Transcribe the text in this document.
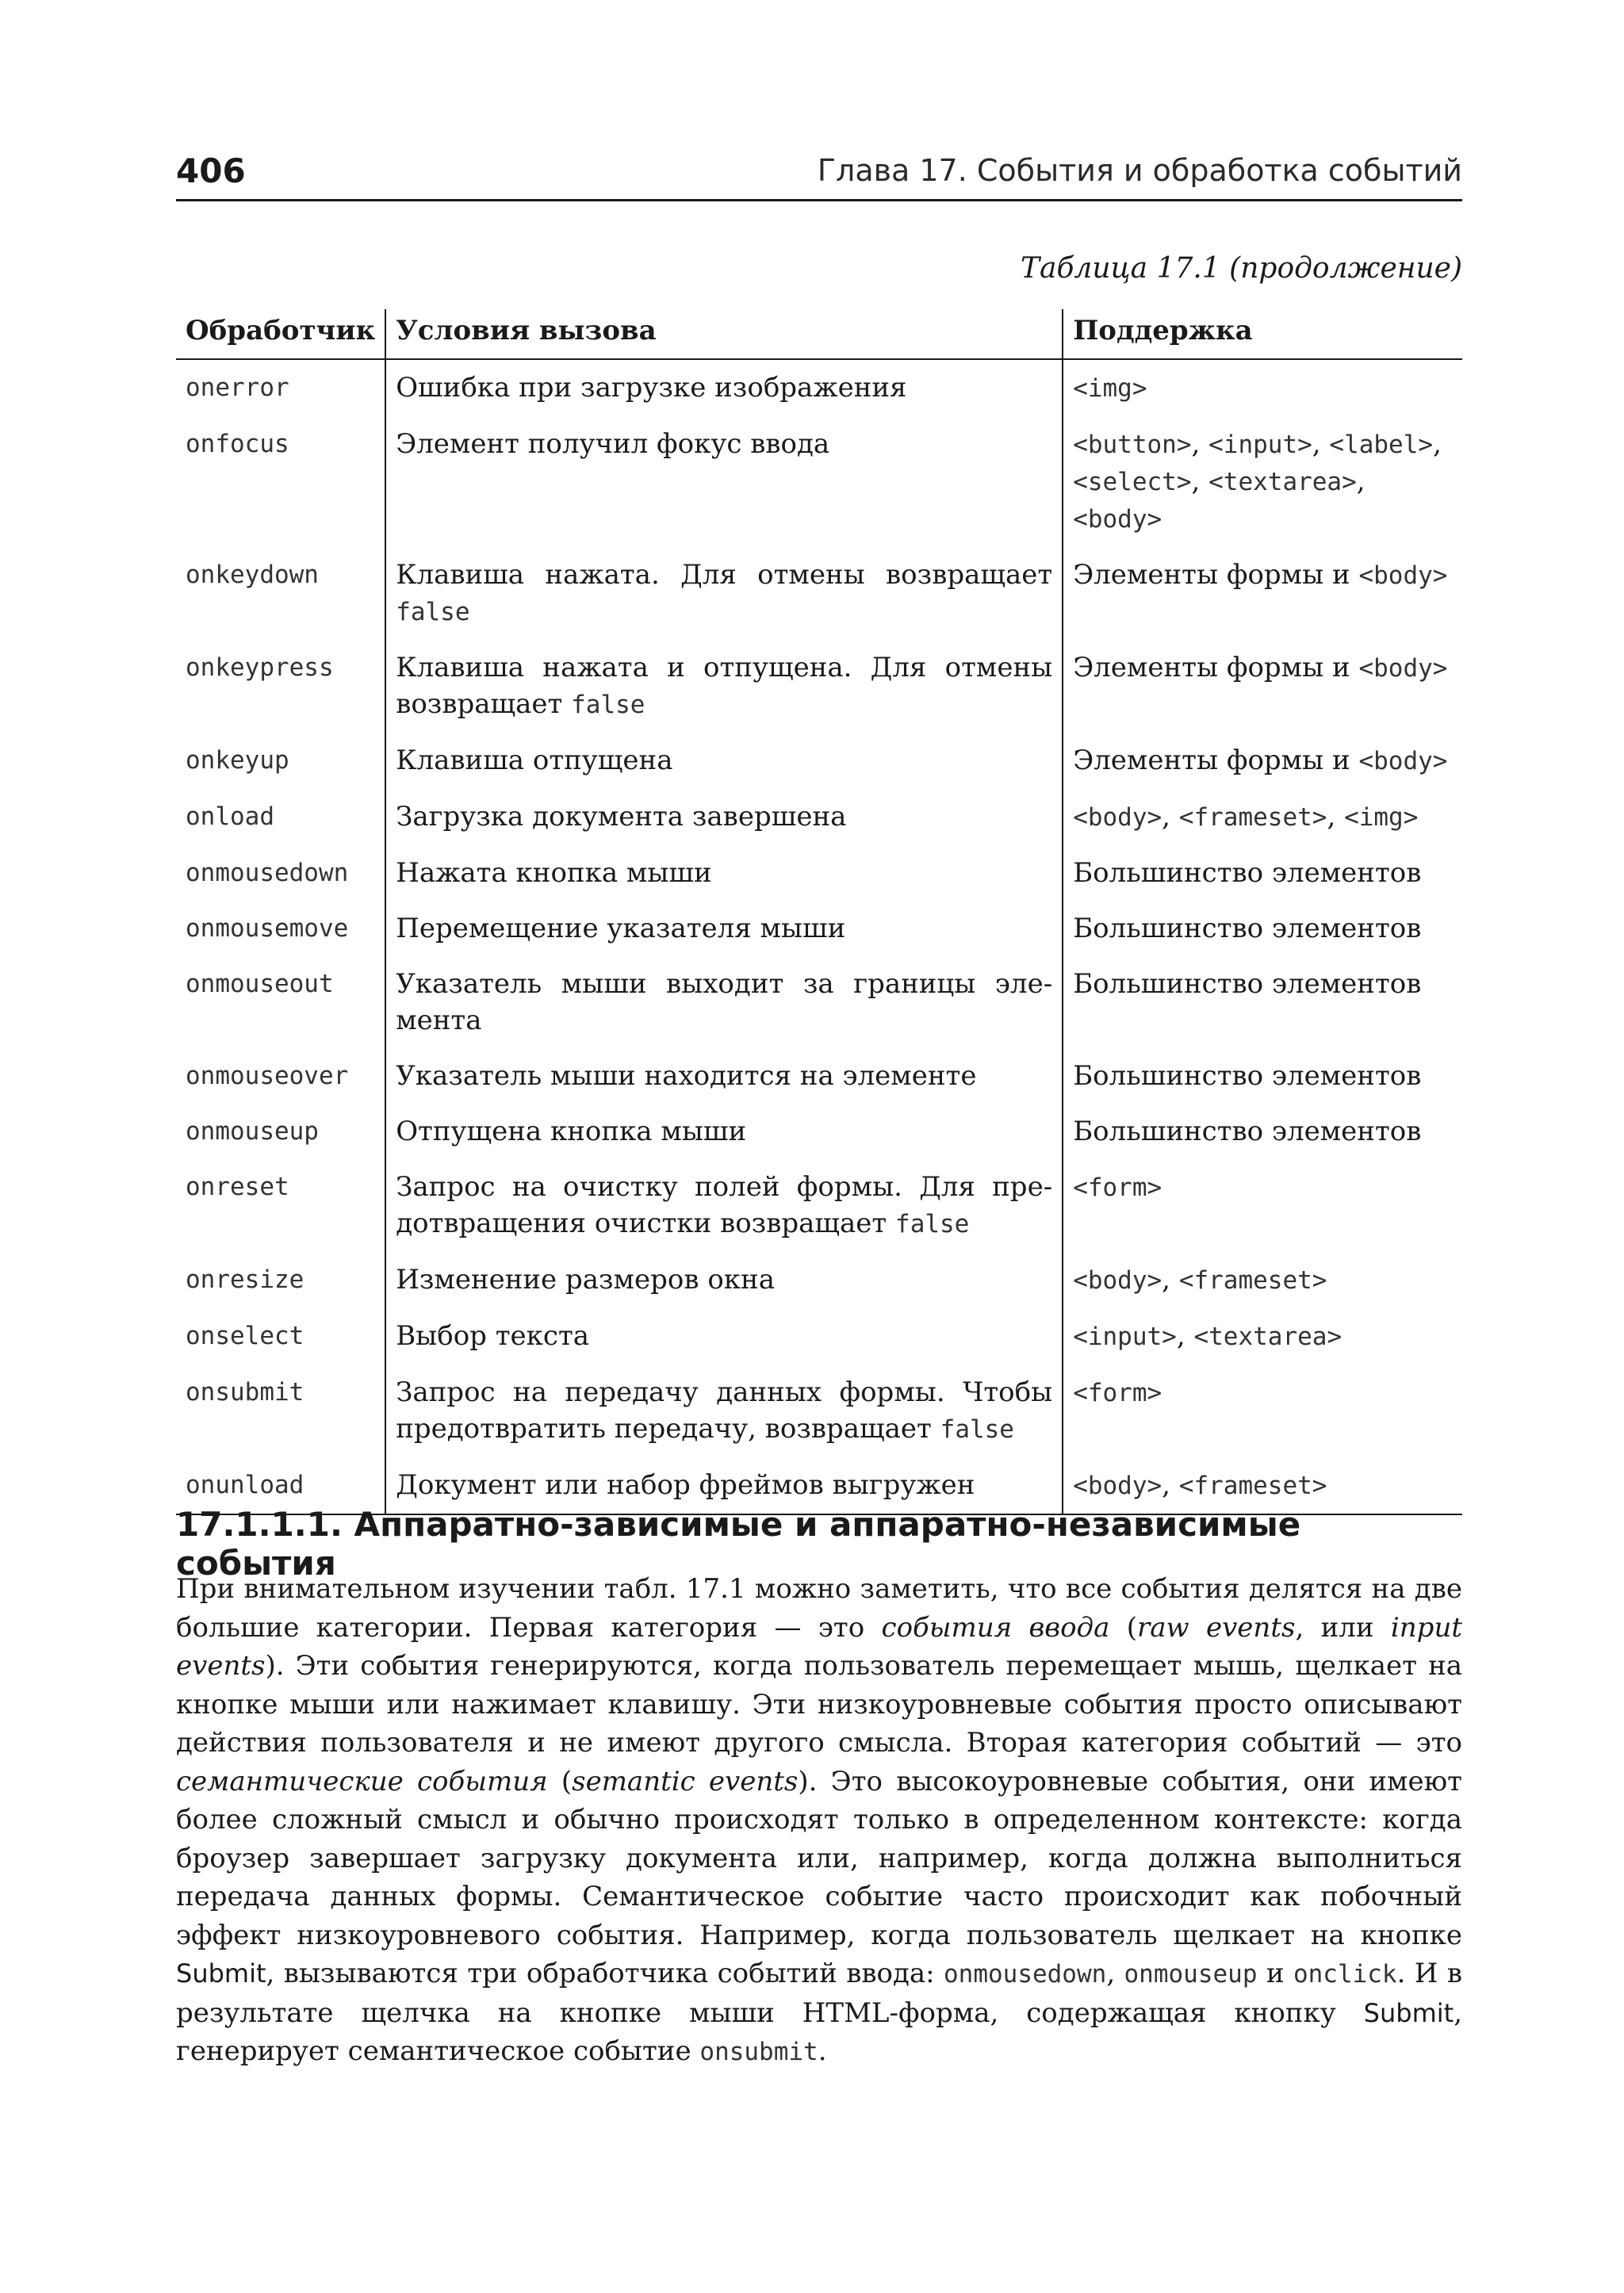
406	Глава 17. События и обработка событий
Таблица 17.1 (продолжение)
Обработчик	Условия вызова	Поддержка
onerror	Ошибка при загрузке изображения	<img>
onfocus	Элемент получил фокус ввода	<button>, <input>, <label>, <select>, <textarea>, <body>
onkeydown	Клавиша нажата. Для отмены возвращает false	Элементы формы и <body>
onkeypress	Клавиша нажата и отпущена. Для отмены возвращает false	Элементы формы и <body>
onkeyup	Клавиша отпущена	Элементы формы и <body>
onload	Загрузка документа завершена	<body>, <frameset>, <img>
onmousedown	Нажата кнопка мыши	Большинство элементов
onmousemove	Перемещение указателя мыши	Большинство элементов
onmouseout	Указатель мыши выходит за границы элемента	Большинство элементов
onmouseover	Указатель мыши находится на элементе	Большинство элементов
onmouseup	Отпущена кнопка мыши	Большинство элементов
onreset	Запрос на очистку полей формы. Для предотвращения очистки возвращает false	<form>
onresize	Изменение размеров окна	<body>, <frameset>
onselect	Выбор текста	<input>, <textarea>
onsubmit	Запрос на передачу данных формы. Чтобы предотвратить передачу, возвращает false	<form>
onunload	Документ или набор фреймов выгружен	<body>, <frameset>
17.1.1.1. Аппаратно-зависимые и аппаратно-независимые события

При внимательном изучении табл. 17.1 можно заметить, что все события делятся на две большие категории. Первая категория — это события ввода (raw events, или input events). Эти события генерируются, когда пользователь перемещает мышь, щелкает на кнопке мыши или нажимает клавишу. Эти низкоуровневые события просто описывают действия пользователя и не имеют другого смысла. Вторая категория событий — это семантические события (semantic events). Это высокоуровневые события, они имеют более сложный смысл и обычно происходят только в определенном контексте: когда броузер завершает загрузку документа или, например, когда должна выполниться передача данных формы. Семантическое событие часто происходит как побочный эффект низкоуровневого события. Например, когда пользователь щелкает на кнопке Submit, вызываются три обработчика событий ввода: onmousedown, onmouseup и onclick. И в результате щелчка на кнопке мыши HTML-форма, содержащая кнопку Submit, генерирует семантическое событие onsubmit.
